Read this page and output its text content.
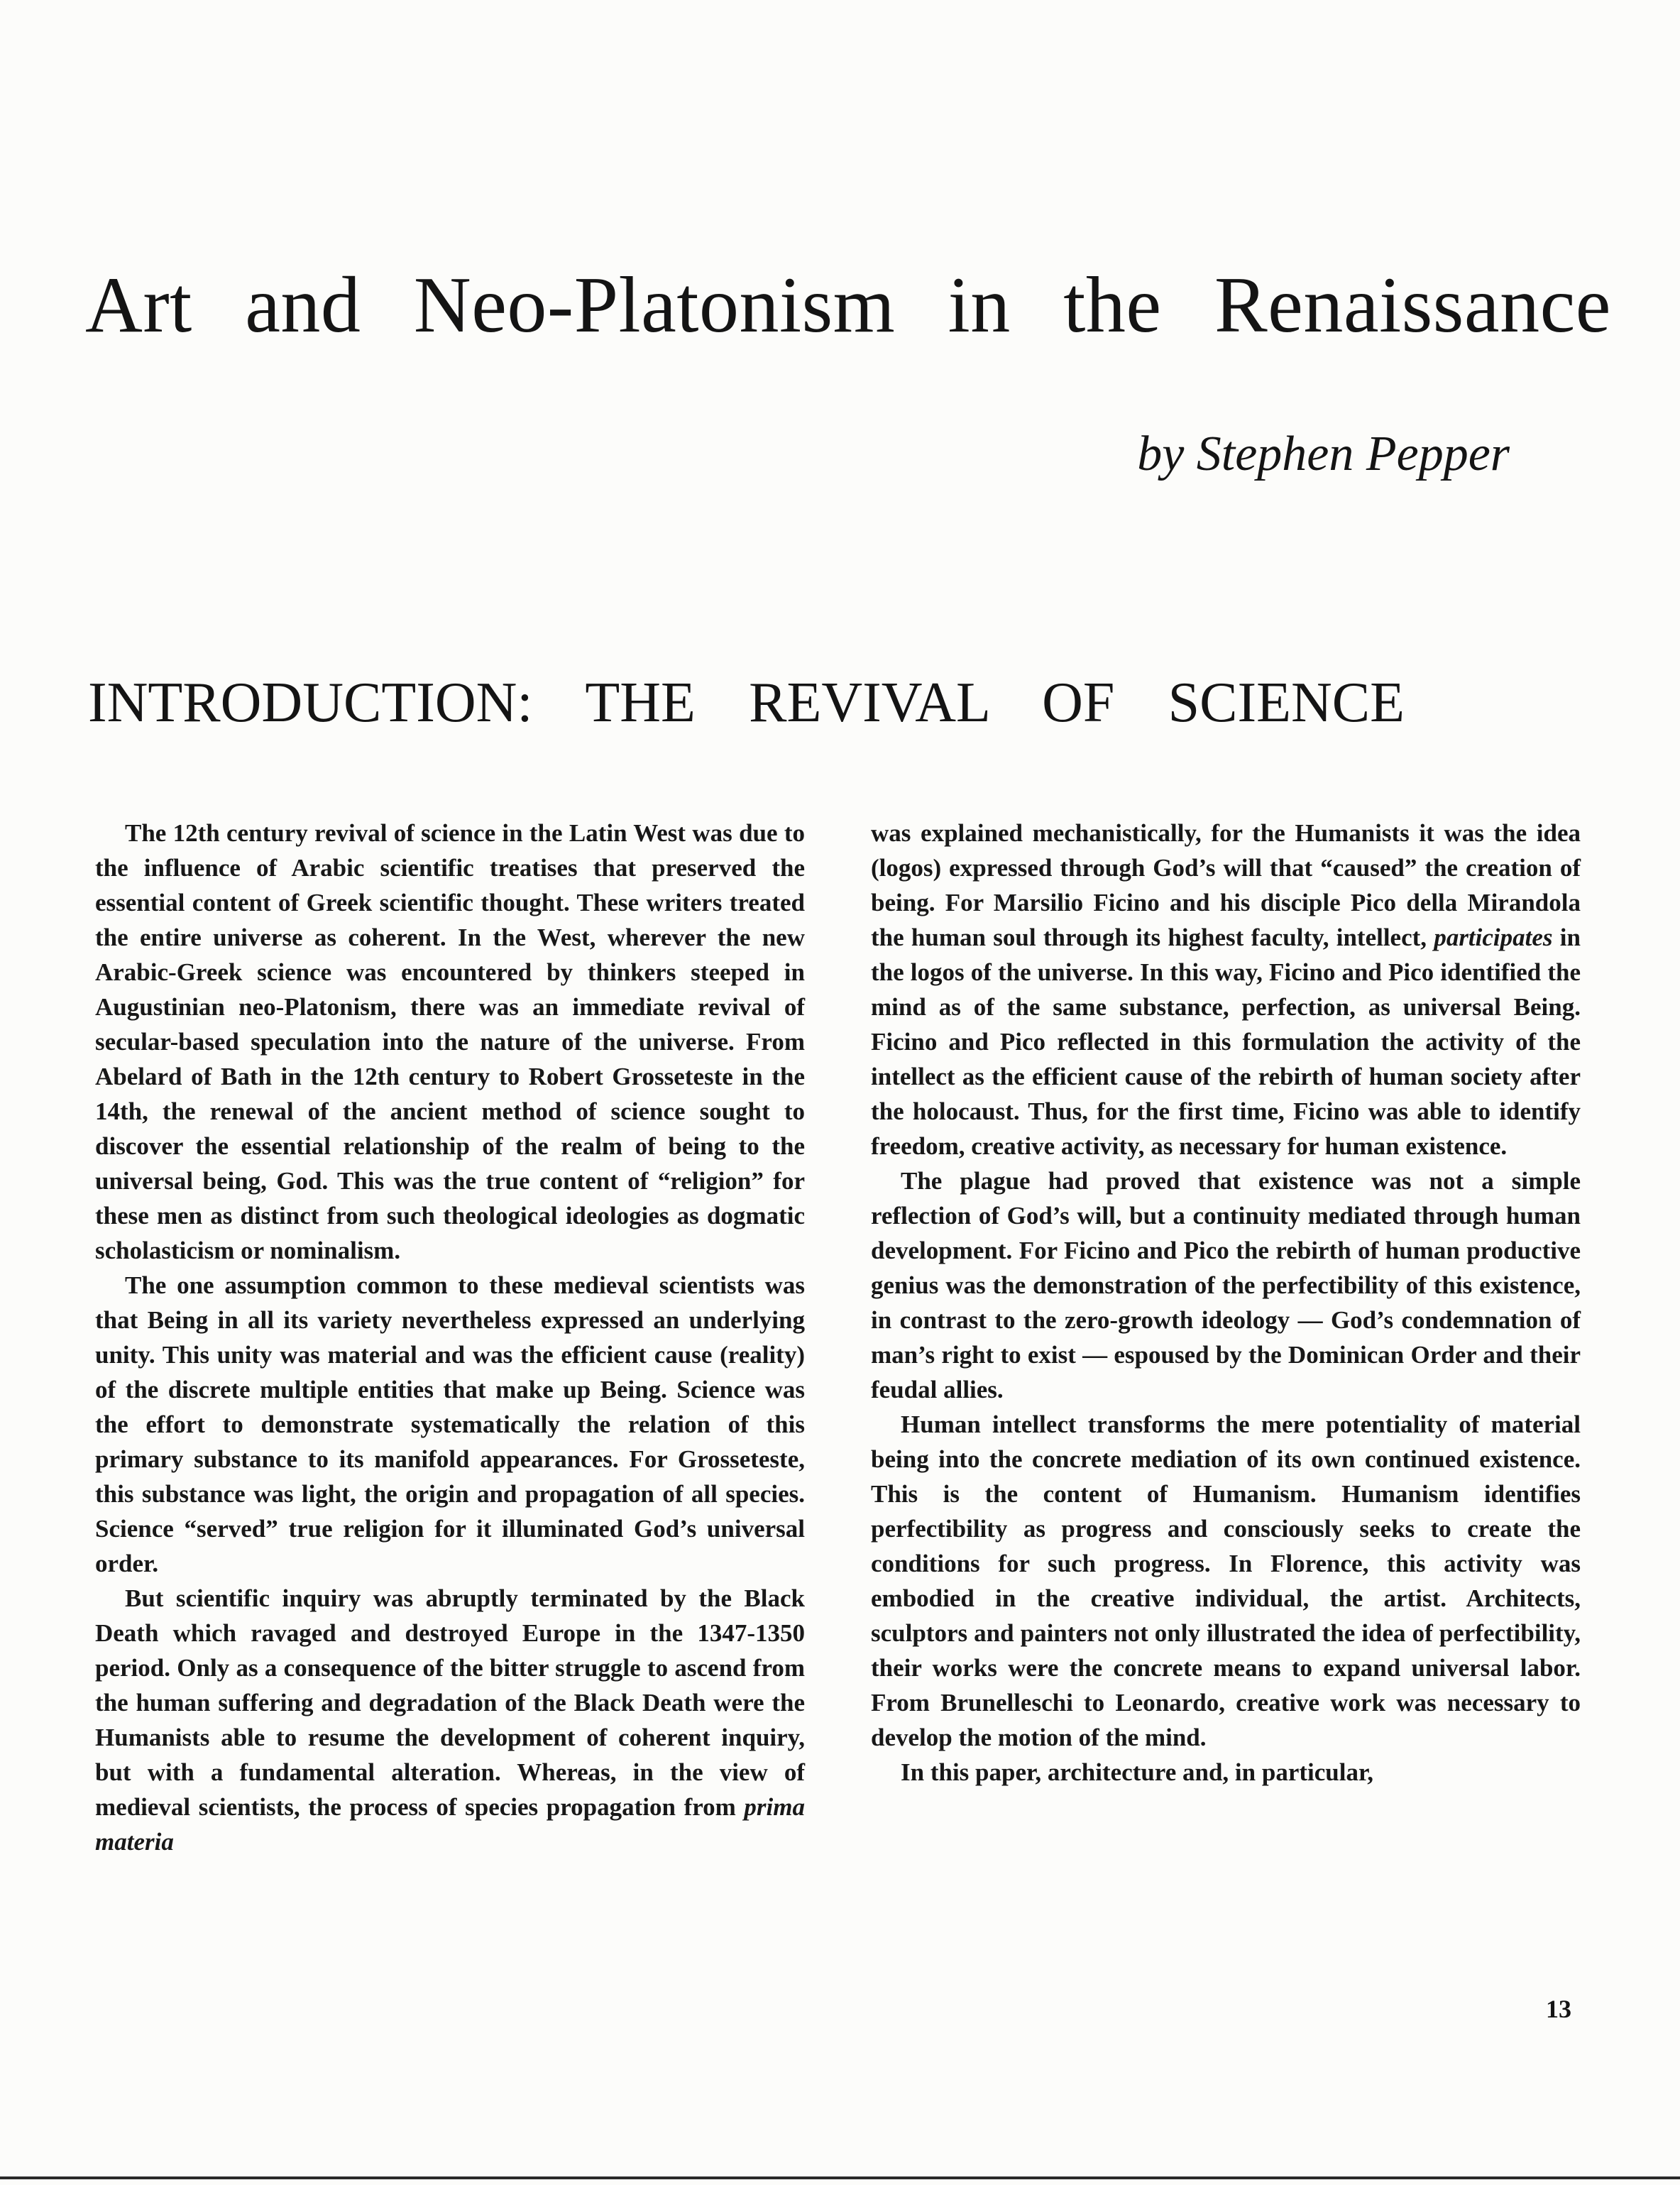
Art and Neo-Platonism in the Renaissance
by Stephen Pepper
INTRODUCTION: THE REVIVAL OF SCIENCE

The 12th century revival of science in the Latin West was due to the influence of Arabic scientific treatises that preserved the essential content of Greek scientific thought. These writers treated the entire universe as coherent. In the West, wherever the new Arabic-Greek science was encountered by thinkers steeped in Augustinian neo-Platonism, there was an immediate revival of secular-based speculation into the nature of the universe. From Abelard of Bath in the 12th century to Robert Grosseteste in the 14th, the renewal of the ancient method of science sought to discover the essential relationship of the realm of being to the universal being, God. This was the true content of “religion” for these men as distinct from such theological ideologies as dogmatic scholasticism or nominalism.

The one assumption common to these medieval scientists was that Being in all its variety nevertheless expressed an underlying unity. This unity was material and was the efficient cause (reality) of the discrete multiple entities that make up Being. Science was the effort to demonstrate systematically the relation of this primary substance to its manifold appearances. For Grosseteste, this substance was light, the origin and propagation of all species. Science “served” true religion for it illuminated God’s universal order.

But scientific inquiry was abruptly terminated by the Black Death which ravaged and destroyed Europe in the 1347-1350 period. Only as a consequence of the bitter struggle to ascend from the human suffering and degradation of the Black Death were the Humanists able to resume the development of coherent inquiry, but with a fundamental alteration. Whereas, in the view of medieval scientists, the process of species propagation from prima materia

was explained mechanistically, for the Humanists it was the idea (logos) expressed through God’s will that “caused” the creation of being. For Marsilio Ficino and his disciple Pico della Mirandola the human soul through its highest faculty, intellect, participates in the logos of the universe. In this way, Ficino and Pico identified the mind as of the same substance, perfection, as universal Being. Ficino and Pico reflected in this formulation the activity of the intellect as the efficient cause of the rebirth of human society after the holocaust. Thus, for the first time, Ficino was able to identify freedom, creative activity, as necessary for human existence.

The plague had proved that existence was not a simple reflection of God’s will, but a continuity mediated through human development. For Ficino and Pico the rebirth of human productive genius was the demonstration of the perfectibility of this existence, in contrast to the zero-growth ideology — God’s condemnation of man’s right to exist — espoused by the Dominican Order and their feudal allies.

Human intellect transforms the mere potentiality of material being into the concrete mediation of its own continued existence. This is the content of Humanism. Humanism identifies perfectibility as progress and consciously seeks to create the conditions for such progress. In Florence, this activity was embodied in the creative individual, the artist. Architects, sculptors and painters not only illustrated the idea of perfectibility, their works were the concrete means to expand universal labor. From Brunelleschi to Leonardo, creative work was necessary to develop the motion of the mind.

In this paper, architecture and, in particular,

13
